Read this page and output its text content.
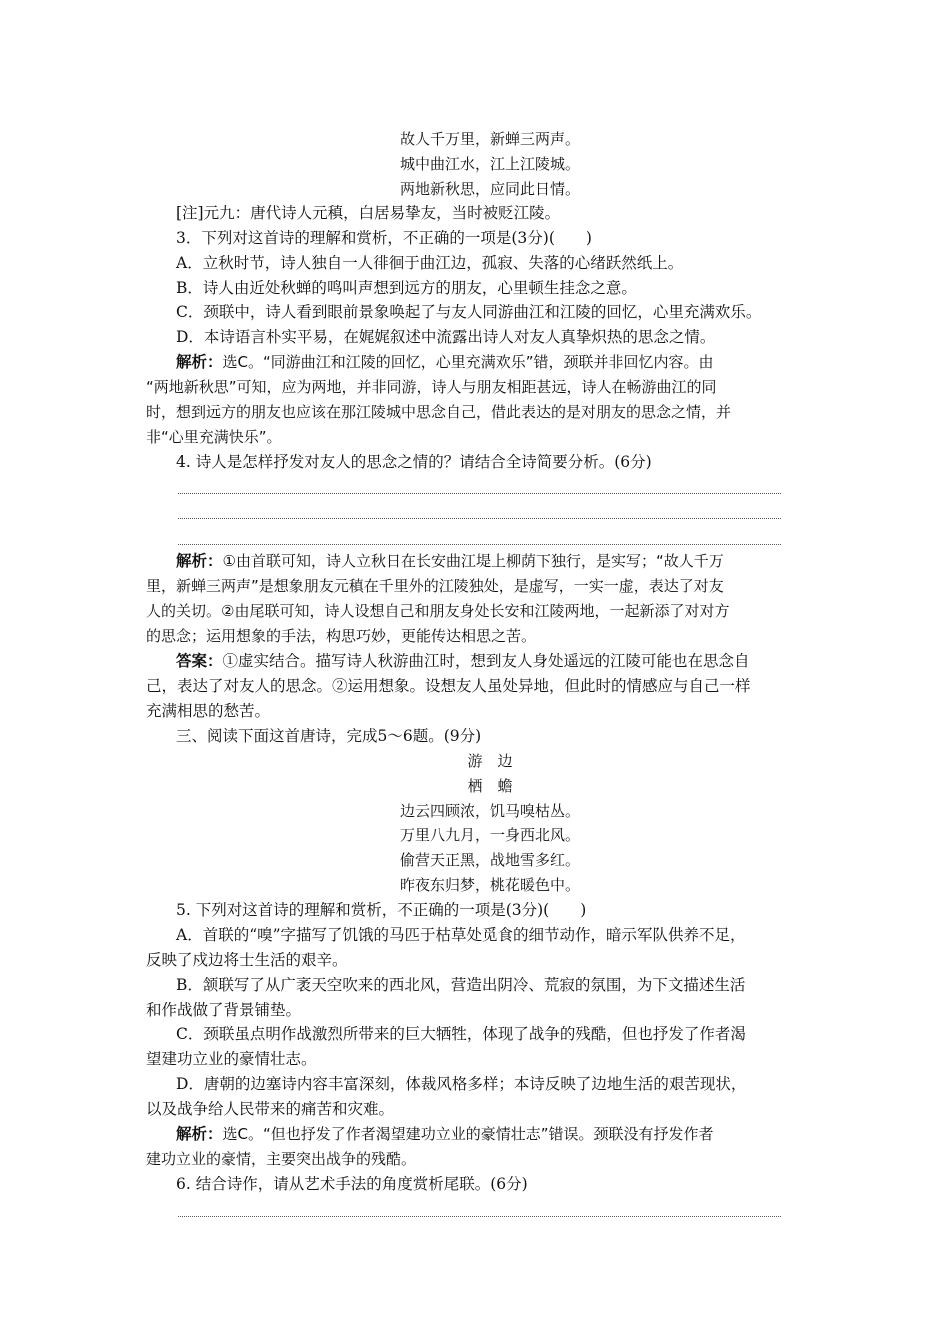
故人千万里，新蝉三两声。
城中曲江水，江上江陵城。
两地新秋思，应同此日情。
[注]元九：唐代诗人元稹，白居易挚友，当时被贬江陵。
3．下列对这首诗的理解和赏析，不正确的一项是(3分)(　　)
A．立秋时节，诗人独自一人徘徊于曲江边，孤寂、失落的心绪跃然纸上。
B．诗人由近处秋蝉的鸣叫声想到远方的朋友，心里顿生挂念之意。
C．颈联中，诗人看到眼前景象唤起了与友人同游曲江和江陵的回忆，心里充满欢乐。
D．本诗语言朴实平易，在娓娓叙述中流露出诗人对友人真挚炽热的思念之情。
解析：选C。“同游曲江和江陵的回忆，心里充满欢乐”错，颈联并非回忆内容。由
“两地新秋思”可知，应为两地，并非同游，诗人与朋友相距甚远，诗人在畅游曲江的同
时，想到远方的朋友也应该在那江陵城中思念自己，借此表达的是对朋友的思念之情，并
非“心里充满快乐”。
4. 诗人是怎样抒发对友人的思念之情的？请结合全诗简要分析。(6分)
解析：①由首联可知，诗人立秋日在长安曲江堤上柳荫下独行，是实写；“故人千万
里，新蝉三两声”是想象朋友元稹在千里外的江陵独处，是虚写，一实一虚，表达了对友
人的关切。②由尾联可知，诗人设想自己和朋友身处长安和江陵两地，一起新添了对对方
的思念；运用想象的手法，构思巧妙，更能传达相思之苦。
答案：①虚实结合。描写诗人秋游曲江时，想到友人身处遥远的江陵可能也在思念自
己，表达了对友人的思念。②运用想象。设想友人虽处异地，但此时的情感应与自己一样
充满相思的愁苦。
三、阅读下面这首唐诗，完成5～6题。(9分)
游　边
栖　蟾
边云四顾浓，饥马嗅枯丛。
万里八九月，一身西北风。
偷营天正黑，战地雪多红。
昨夜东归梦，桃花暖色中。
5. 下列对这首诗的理解和赏析，不正确的一项是(3分)(　　)
A．首联的“嗅”字描写了饥饿的马匹于枯草处觅食的细节动作，暗示军队供养不足，
反映了戍边将士生活的艰辛。
B．颔联写了从广袤天空吹来的西北风，营造出阴冷、荒寂的氛围，为下文描述生活
和作战做了背景铺垫。
C．颈联虽点明作战激烈所带来的巨大牺牲，体现了战争的残酷，但也抒发了作者渴
望建功立业的豪情壮志。
D．唐朝的边塞诗内容丰富深刻，体裁风格多样；本诗反映了边地生活的艰苦现状，
以及战争给人民带来的痛苦和灾难。
解析：选C。“但也抒发了作者渴望建功立业的豪情壮志”错误。颈联没有抒发作者
建功立业的豪情，主要突出战争的残酷。
6. 结合诗作，请从艺术手法的角度赏析尾联。(6分)
